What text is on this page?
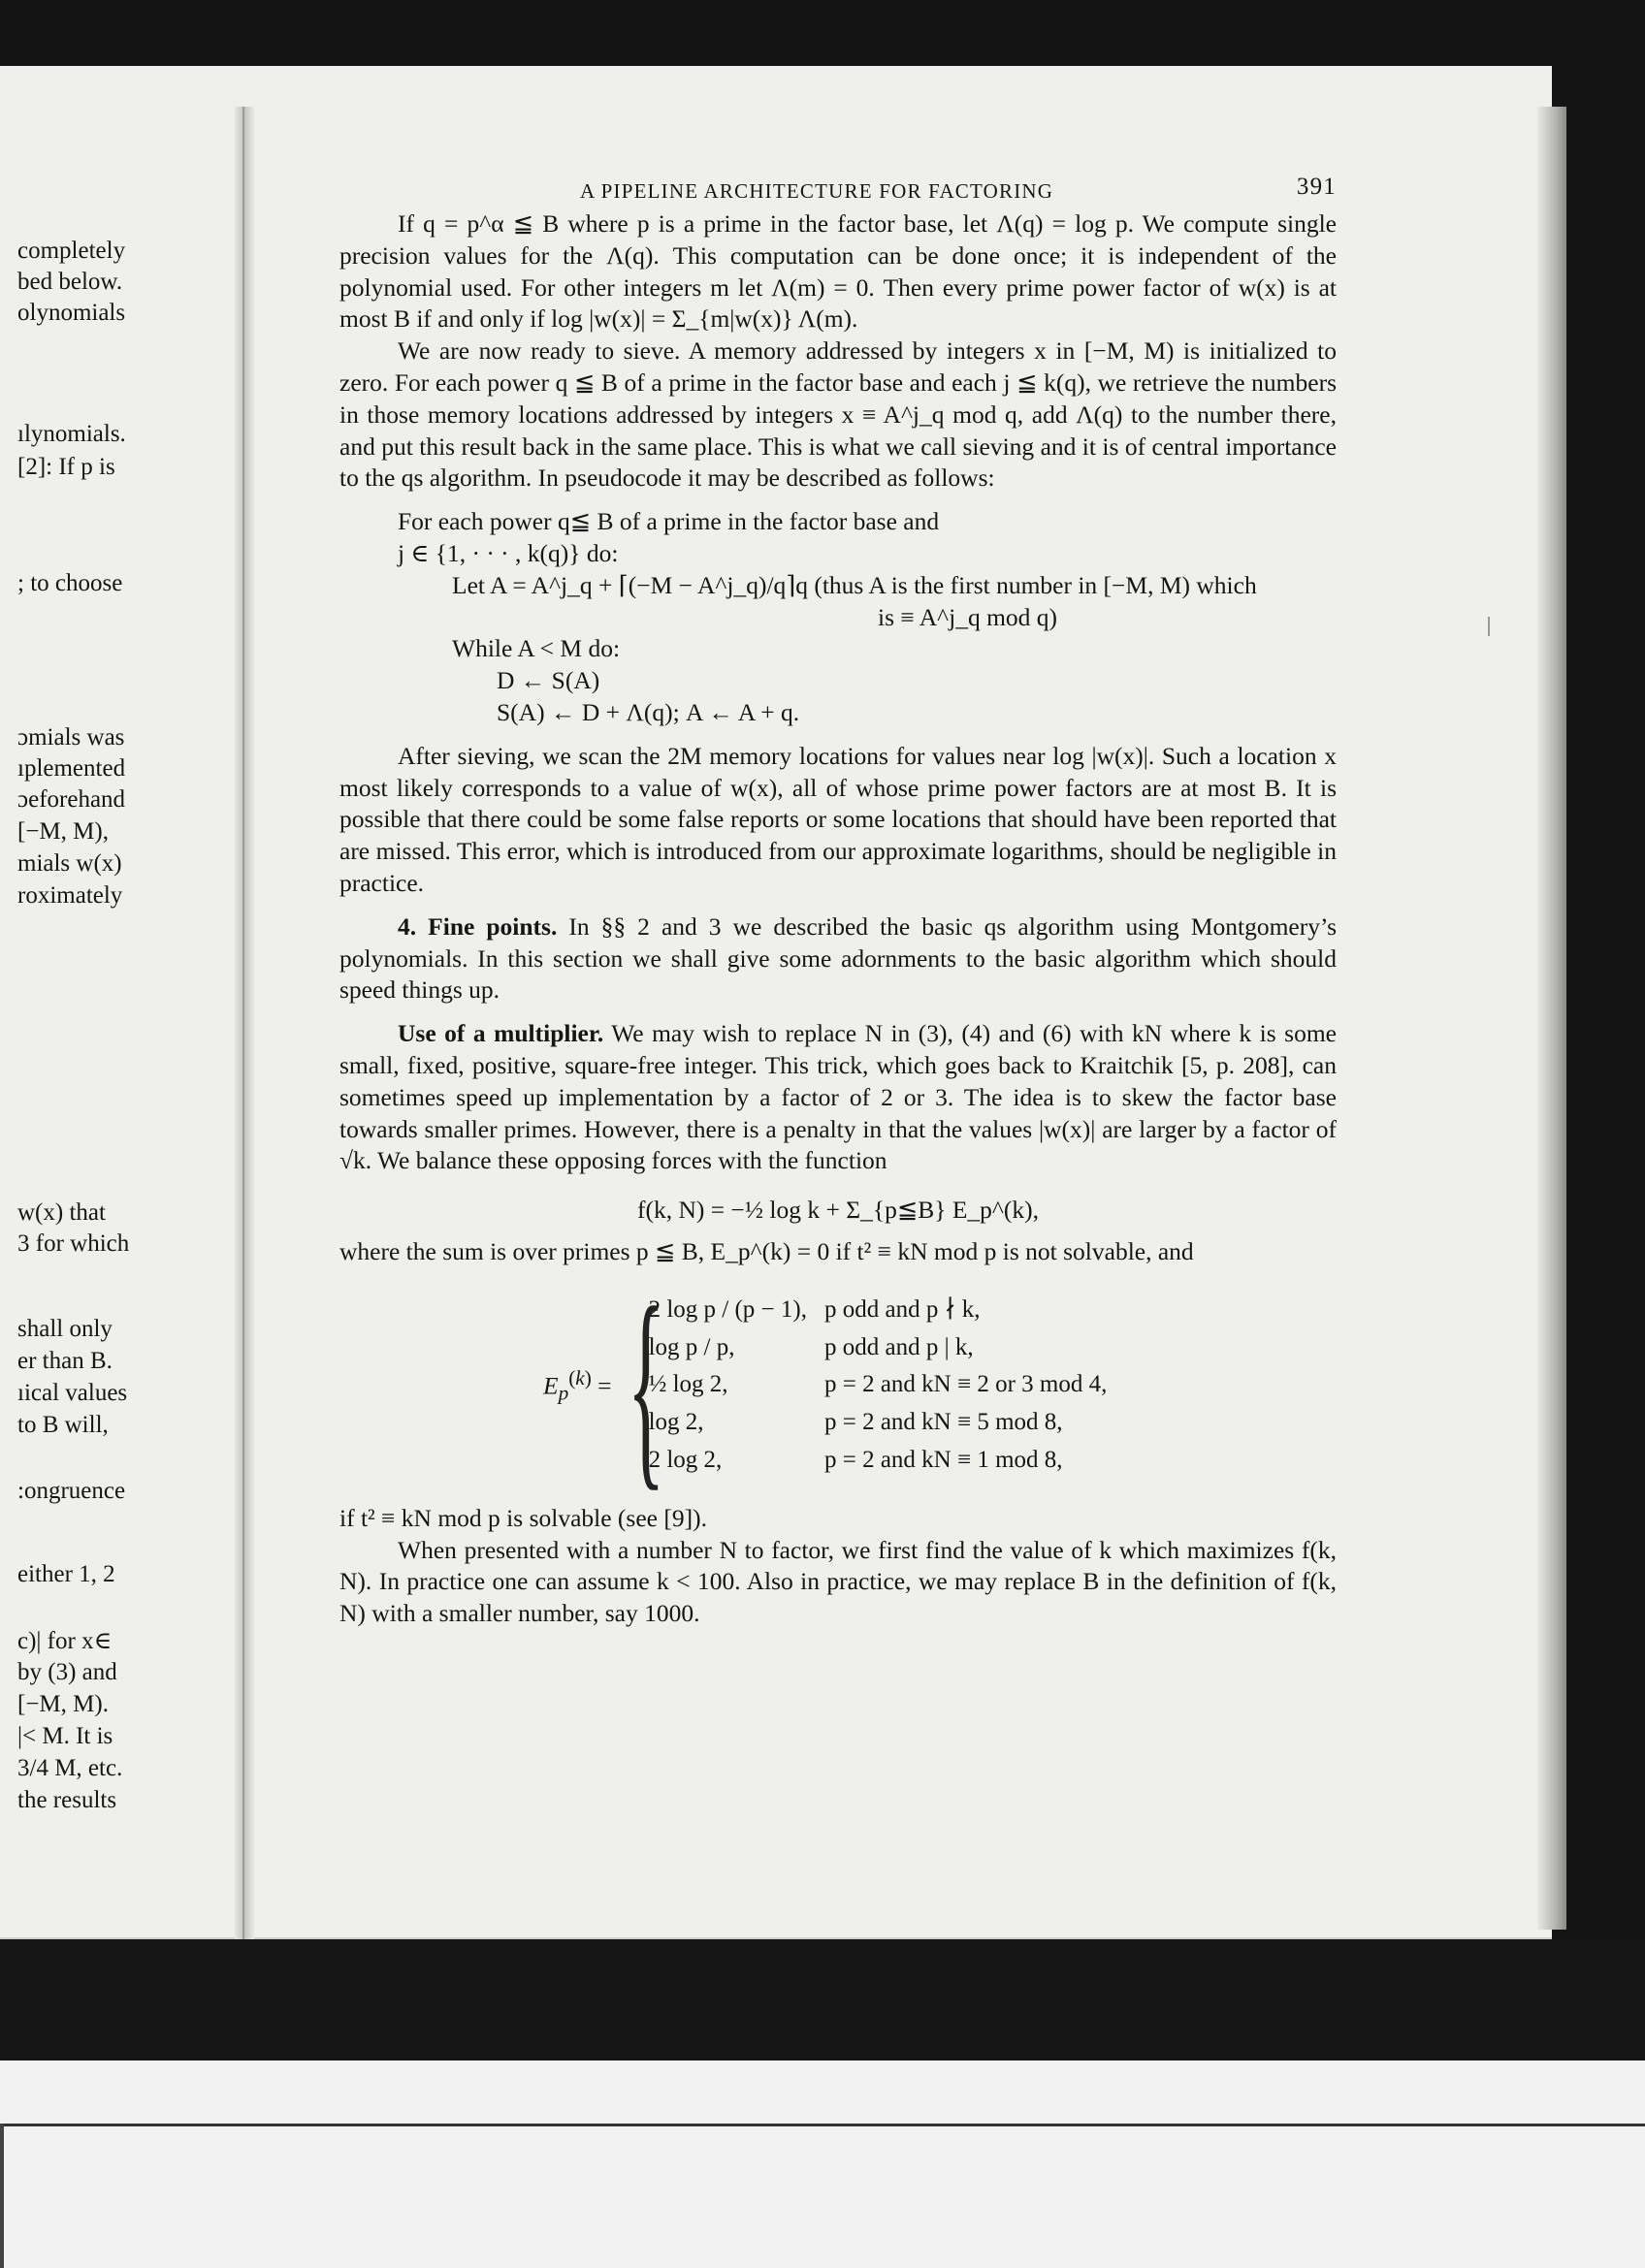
completely
bed below.
olynomials
ılynomials.
[2]: If p is
; to choose
ɔmials was
ıplemented
ɔeforehand
[−M, M),
mials w(x)
roximately
w(x) that
3 for which
shall only
er than B.
ıical values
to B will,
:ongruence
either 1, 2
c)| for x∈
by (3) and
[−M, M).
|< M. It is
3/4 M, etc.
the results
A PIPELINE ARCHITECTURE FOR FACTORING	391

If q = p^α ≦ B where p is a prime in the factor base, let Λ(q) = log p. We compute single precision values for the Λ(q). This computation can be done once; it is independent of the polynomial used. For other integers m let Λ(m) = 0. Then every prime power factor of w(x) is at most B if and only if log |w(x)| = Σ_{m|w(x)} Λ(m).

We are now ready to sieve. A memory addressed by integers x in [−M, M) is initialized to zero. For each power q ≦ B of a prime in the factor base and each j ≦ k(q), we retrieve the numbers in those memory locations addressed by integers x ≡ A^j_q mod q, add Λ(q) to the number there, and put this result back in the same place. This is what we call sieving and it is of central importance to the qs algorithm. In pseudocode it may be described as follows:

For each power q≦ B of a prime in the factor base and
j ∈ {1, · · · , k(q)} do:
Let A = A^j_q + ⌈(−M − A^j_q)/q⌉q (thus A is the first number in [−M, M) which
is ≡ A^j_q mod q)
While A < M do:
D ← S(A)
S(A) ← D + Λ(q); A ← A + q.

After sieving, we scan the 2M memory locations for values near log |w(x)|. Such a location x most likely corresponds to a value of w(x), all of whose prime power factors are at most B. It is possible that there could be some false reports or some locations that should have been reported that are missed. This error, which is introduced from our approximate logarithms, should be negligible in practice.

4. Fine points. In §§ 2 and 3 we described the basic qs algorithm using Montgomery’s polynomials. In this section we shall give some adornments to the basic algorithm which should speed things up.

Use of a multiplier. We may wish to replace N in (3), (4) and (6) with kN where k is some small, fixed, positive, square-free integer. This trick, which goes back to Kraitchik [5, p. 208], can sometimes speed up implementation by a factor of 2 or 3. The idea is to skew the factor base towards smaller primes. However, there is a penalty in that the values |w(x)| are larger by a factor of √k. We balance these opposing forces with the function

f(k, N) = −½ log k + Σ_{p≦B} E_p^(k),

where the sum is over primes p ≦ B, E_p^(k) = 0 if t² ≡ kN mod p is not solvable, and

$E_p^{(k)}$ = {
2 log p / (p − 1),	p odd and p ∤ k,
log p / p,	p odd and p | k,
½ log 2,	p = 2 and kN ≡ 2 or 3 mod 4,
log 2,	p = 2 and kN ≡ 5 mod 8,
2 log 2,	p = 2 and kN ≡ 1 mod 8,

if t² ≡ kN mod p is solvable (see [9]).

When presented with a number N to factor, we first find the value of k which maximizes f(k, N). In practice one can assume k < 100. Also in practice, we may replace B in the definition of f(k, N) with a smaller number, say 1000.
